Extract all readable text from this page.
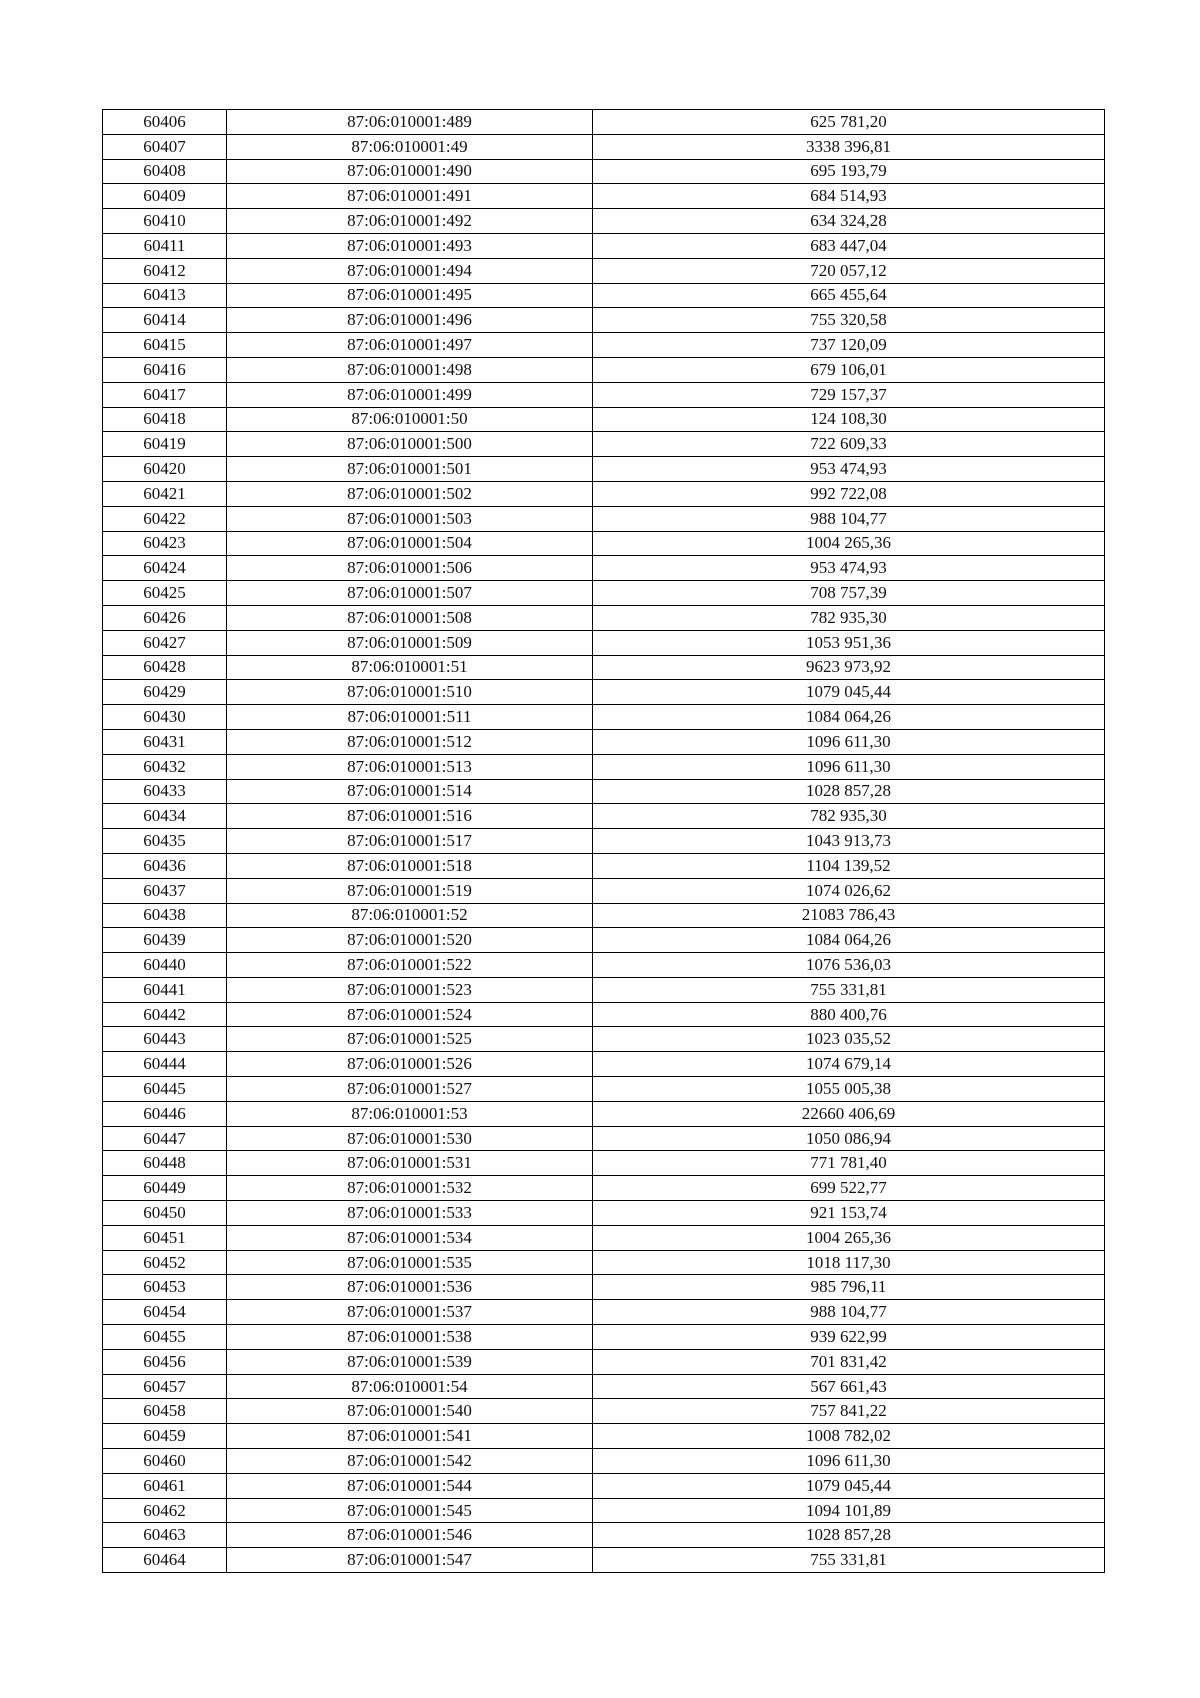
60406	87:06:010001:489	625 781,20
60407	87:06:010001:49	3338 396,81
60408	87:06:010001:490	695 193,79
60409	87:06:010001:491	684 514,93
60410	87:06:010001:492	634 324,28
60411	87:06:010001:493	683 447,04
60412	87:06:010001:494	720 057,12
60413	87:06:010001:495	665 455,64
60414	87:06:010001:496	755 320,58
60415	87:06:010001:497	737 120,09
60416	87:06:010001:498	679 106,01
60417	87:06:010001:499	729 157,37
60418	87:06:010001:50	124 108,30
60419	87:06:010001:500	722 609,33
60420	87:06:010001:501	953 474,93
60421	87:06:010001:502	992 722,08
60422	87:06:010001:503	988 104,77
60423	87:06:010001:504	1004 265,36
60424	87:06:010001:506	953 474,93
60425	87:06:010001:507	708 757,39
60426	87:06:010001:508	782 935,30
60427	87:06:010001:509	1053 951,36
60428	87:06:010001:51	9623 973,92
60429	87:06:010001:510	1079 045,44
60430	87:06:010001:511	1084 064,26
60431	87:06:010001:512	1096 611,30
60432	87:06:010001:513	1096 611,30
60433	87:06:010001:514	1028 857,28
60434	87:06:010001:516	782 935,30
60435	87:06:010001:517	1043 913,73
60436	87:06:010001:518	1104 139,52
60437	87:06:010001:519	1074 026,62
60438	87:06:010001:52	21083 786,43
60439	87:06:010001:520	1084 064,26
60440	87:06:010001:522	1076 536,03
60441	87:06:010001:523	755 331,81
60442	87:06:010001:524	880 400,76
60443	87:06:010001:525	1023 035,52
60444	87:06:010001:526	1074 679,14
60445	87:06:010001:527	1055 005,38
60446	87:06:010001:53	22660 406,69
60447	87:06:010001:530	1050 086,94
60448	87:06:010001:531	771 781,40
60449	87:06:010001:532	699 522,77
60450	87:06:010001:533	921 153,74
60451	87:06:010001:534	1004 265,36
60452	87:06:010001:535	1018 117,30
60453	87:06:010001:536	985 796,11
60454	87:06:010001:537	988 104,77
60455	87:06:010001:538	939 622,99
60456	87:06:010001:539	701 831,42
60457	87:06:010001:54	567 661,43
60458	87:06:010001:540	757 841,22
60459	87:06:010001:541	1008 782,02
60460	87:06:010001:542	1096 611,30
60461	87:06:010001:544	1079 045,44
60462	87:06:010001:545	1094 101,89
60463	87:06:010001:546	1028 857,28
60464	87:06:010001:547	755 331,81
